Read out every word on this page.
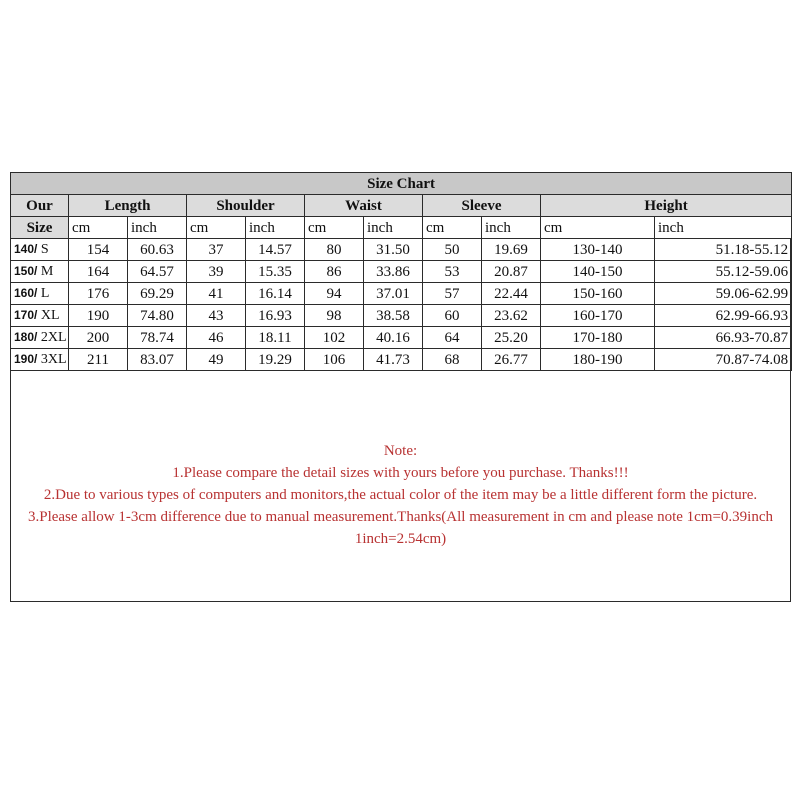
Size Chart										
Our	Length		Shoulder		Waist		Sleeve		Height	
Size	cm	inch	cm	inch	cm	inch	cm	inch	cm	inch
140/ S	154	60.63	37	14.57	80	31.50	50	19.69	130-140	51.18-55.12
150/ M	164	64.57	39	15.35	86	33.86	53	20.87	140-150	55.12-59.06
160/ L	176	69.29	41	16.14	94	37.01	57	22.44	150-160	59.06-62.99
170/ XL	190	74.80	43	16.93	98	38.58	60	23.62	160-170	62.99-66.93
180/ 2XL	200	78.74	46	18.11	102	40.16	64	25.20	170-180	66.93-70.87
190/ 3XL	211	83.07	49	19.29	106	41.73	68	26.77	180-190	70.87-74.08

Note:

1.Please compare the detail sizes with yours before you purchase. Thanks!!!

2.Due to various types of computers and monitors,the actual color of the item may be a little different form the picture.

3.Please allow 1-3cm difference due to manual measurement.Thanks(All measurement in cm and please note 1cm=0.39inch 1inch=2.54cm)
